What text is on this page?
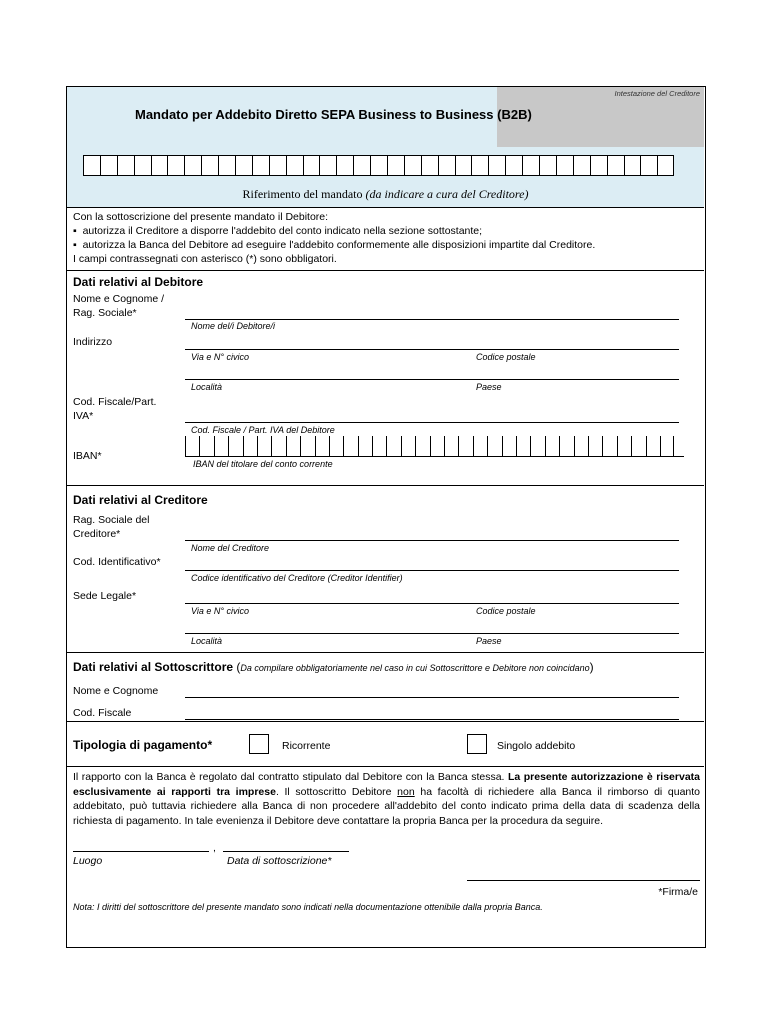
Intestazione del Creditore
Mandato per Addebito Diretto SEPA Business to Business (B2B)
Riferimento del mandato (da indicare a cura del Creditore)
Con la sottoscrizione del presente mandato il Debitore:
▪  autorizza il Creditore a disporre l'addebito del conto indicato nella sezione sottostante;
▪  autorizza la Banca del Debitore ad eseguire l'addebito conformemente alle disposizioni impartite dal Creditore.
I campi contrassegnati con asterisco (*) sono obbligatori.
Dati relativi al Debitore
Nome e Cognome /
Rag. Sociale*
Nome del/i Debitore/i
Indirizzo
Via e N° civico	Codice postale
Località	Paese
Cod. Fiscale/Part.
IVA*
Cod. Fiscale / Part. IVA del Debitore
IBAN*
IBAN del titolare del conto corrente
Dati relativi al Creditore
Rag. Sociale del
Creditore*
Nome del Creditore
Cod. Identificativo*
Codice identificativo del Creditore (Creditor Identifier)
Sede Legale*
Via e N° civico	Codice postale
Località	Paese
Dati relativi al Sottoscrittore (Da compilare obbligatoriamente nel caso in cui Sottoscrittore e Debitore non coincidano)
Nome e Cognome
Cod. Fiscale
Tipologia di pagamento*	Ricorrente	Singolo addebito
Il rapporto con la Banca è regolato dal contratto stipulato dal Debitore con la Banca stessa. La presente autorizzazione è riservata esclusivamente ai rapporti tra imprese. Il sottoscritto Debitore non ha facoltà di richiedere alla Banca il rimborso di quanto addebitato, può tuttavia richiedere alla Banca di non procedere all'addebito del conto indicato prima della data di scadenza della richiesta di pagamento. In tale evenienza il Debitore deve contattare la propria Banca per la procedura da seguire.
,
Luogo	Data di sottoscrizione*
*Firma/e
Nota: I diritti del sottoscrittore del presente mandato sono indicati nella documentazione ottenibile dalla propria Banca.
